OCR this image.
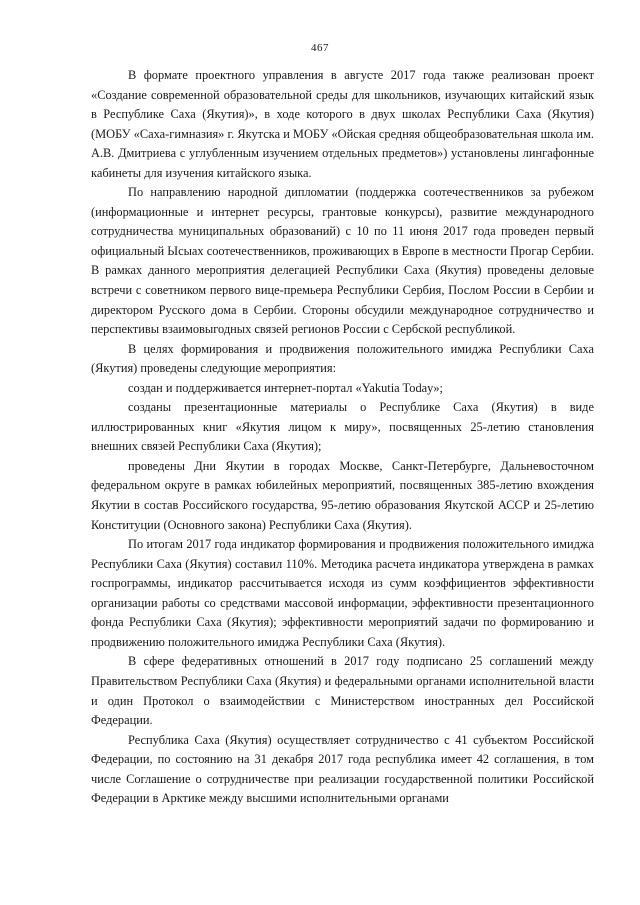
467

В формате проектного управления в августе 2017 года также реализован проект «Создание современной образовательной среды для школьников, изучающих китайский язык в Республике Саха (Якутия)», в ходе которого в двух школах Республики Саха (Якутия) (МОБУ «Саха-гимназия» г. Якутска и МОБУ «Ойская средняя общеобразовательная школа им. А.В. Дмитриева с углубленным изучением отдельных предметов») установлены лингафонные кабинеты для изучения китайского языка.

По направлению народной дипломатии (поддержка соотечественников за рубежом (информационные и интернет ресурсы, грантовые конкурсы), развитие международного сотрудничества муниципальных образований) с 10 по 11 июня 2017 года проведен первый официальный Ысыах соотечественников, проживающих в Европе в местности Прогар Сербии. В рамках данного мероприятия делегацией Республики Саха (Якутия) проведены деловые встречи с советником первого вице-премьера Республики Сербия, Послом России в Сербии и директором Русского дома в Сербии. Стороны обсудили международное сотрудничество и перспективы взаимовыгодных связей регионов России с Сербской республикой.

В целях формирования и продвижения положительного имиджа Республики Саха (Якутия) проведены следующие мероприятия:

создан и поддерживается интернет-портал «Yakutia Today»;

созданы презентационные материалы о Республике Саха (Якутия) в виде иллюстрированных книг «Якутия лицом к миру», посвященных 25-летию становления внешних связей Республики Саха (Якутия);

проведены Дни Якутии в городах Москве, Санкт-Петербурге, Дальневосточном федеральном округе в рамках юбилейных мероприятий, посвященных 385-летию вхождения Якутии в состав Российского государства, 95-летию образования Якутской АССР и 25-летию Конституции (Основного закона) Республики Саха (Якутия).

По итогам 2017 года индикатор формирования и продвижения положительного имиджа Республики Саха (Якутия) составил 110%. Методика расчета индикатора утверждена в рамках госпрограммы, индикатор рассчитывается исходя из сумм коэффициентов эффективности организации работы со средствами массовой информации, эффективности презентационного фонда Республики Саха (Якутия); эффективности мероприятий задачи по формированию и продвижению положительного имиджа Республики Саха (Якутия).

В сфере федеративных отношений в 2017 году подписано 25 соглашений между Правительством Республики Саха (Якутия) и федеральными органами исполнительной власти и один Протокол о взаимодействии с Министерством иностранных дел Российской Федерации.

Республика Саха (Якутия) осуществляет сотрудничество с 41 субъектом Российской Федерации, по состоянию на 31 декабря 2017 года республика имеет 42 соглашения, в том числе Соглашение о сотрудничестве при реализации государственной политики Российской Федерации в Арктике между высшими исполнительными органами
